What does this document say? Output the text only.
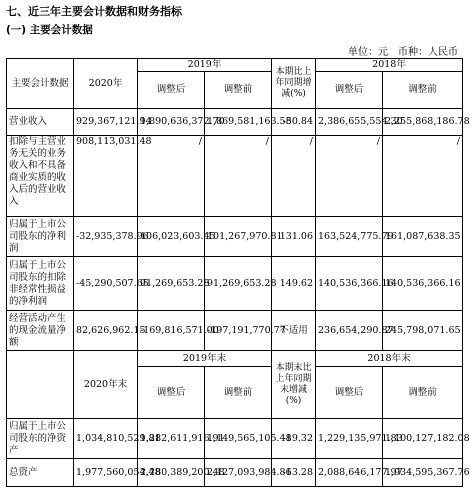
七、近三年主要会计数据和财务指标
(一) 主要会计数据
单位：元　币种：人民币
主要会计数据	2020年	2019年		本期比上年同期增减(%)	2018年	
		调整后	调整前		调整后	调整前
营业收入	929,367,121.94	1,890,636,372.70	1,869,581,163.58	-50.84	2,386,655,554.30	2,255,868,186.78
扣除与主营业务无关的业务收入和不具备商业实质的收入后的营业收入	908,113,031.48	/	/	/	/	/
归属于上市公司股东的净利润	-32,935,378.96	106,023,603.45	101,267,970.81	131.06	163,524,775.79	161,087,638.35
归属于上市公司股东的扣除非经常性损益的净利润	-45,290,507.65	91,269,653.28	91,269,653.28	149.62	140,536,366.16	140,536,366.16
经营活动产生的现金流量净额	82,626,962.15	-169,816,571.00	-197,191,770.77	不适用	236,654,290.87	245,798,071.65
	2020年末	2019年末		本期末比上年同期末增减(%)	2018年末	
		调整后	调整前		调整后	调整前
归属于上市公司股东的净资产	1,034,810,529.81	1,282,611,916.91	1,149,565,105.48	-19.32	1,229,135,971.83	1,100,127,182.08
总资产	1,977,560,054.48	2,280,389,200.48	2,127,093,984.86	-13.28	2,088,646,177.97	1,934,595,367.76
